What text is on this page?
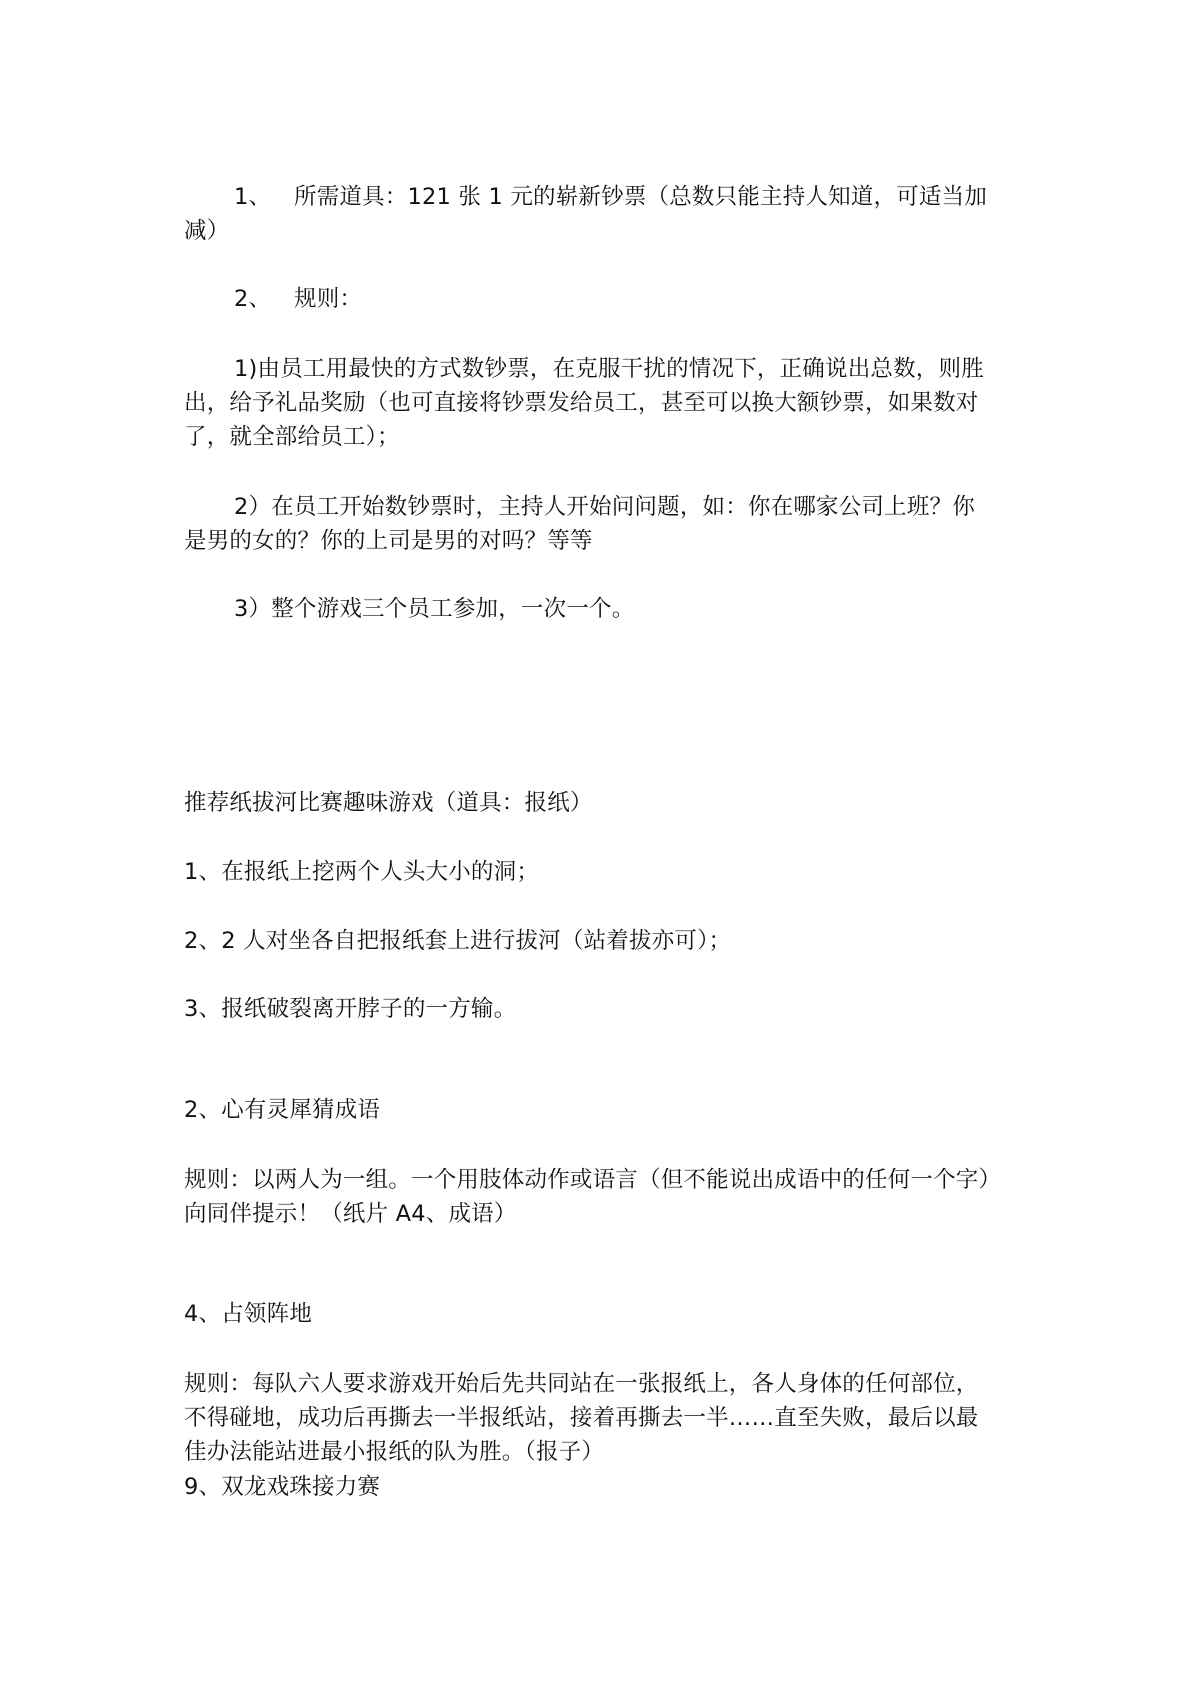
1、 所需道具：121 张 1 元的崭新钞票（总数只能主持人知道，可适当加
减）
2、 规则：
1)由员工用最快的方式数钞票，在克服干扰的情况下，正确说出总数，则胜
出，给予礼品奖励（也可直接将钞票发给员工，甚至可以换大额钞票，如果数对
了，就全部给员工）；
2）在员工开始数钞票时，主持人开始问问题，如：你在哪家公司上班？你
是男的女的？你的上司是男的对吗？等等
3）整个游戏三个员工参加，一次一个。
推荐纸拔河比赛趣味游戏（道具：报纸）
1、在报纸上挖两个人头大小的洞；
2、2 人对坐各自把报纸套上进行拔河（站着拔亦可）；
3、报纸破裂离开脖子的一方输。
2、心有灵犀猜成语
规则：以两人为一组。一个用肢体动作或语言（但不能说出成语中的任何一个字）
向同伴提示！（纸片 A4、成语）
4、占领阵地
规则：每队六人要求游戏开始后先共同站在一张报纸上，各人身体的任何部位，
不得碰地，成功后再撕去一半报纸站，接着再撕去一半……直至失败，最后以最
佳办法能站进最小报纸的队为胜。（报子）
9、双龙戏珠接力赛
